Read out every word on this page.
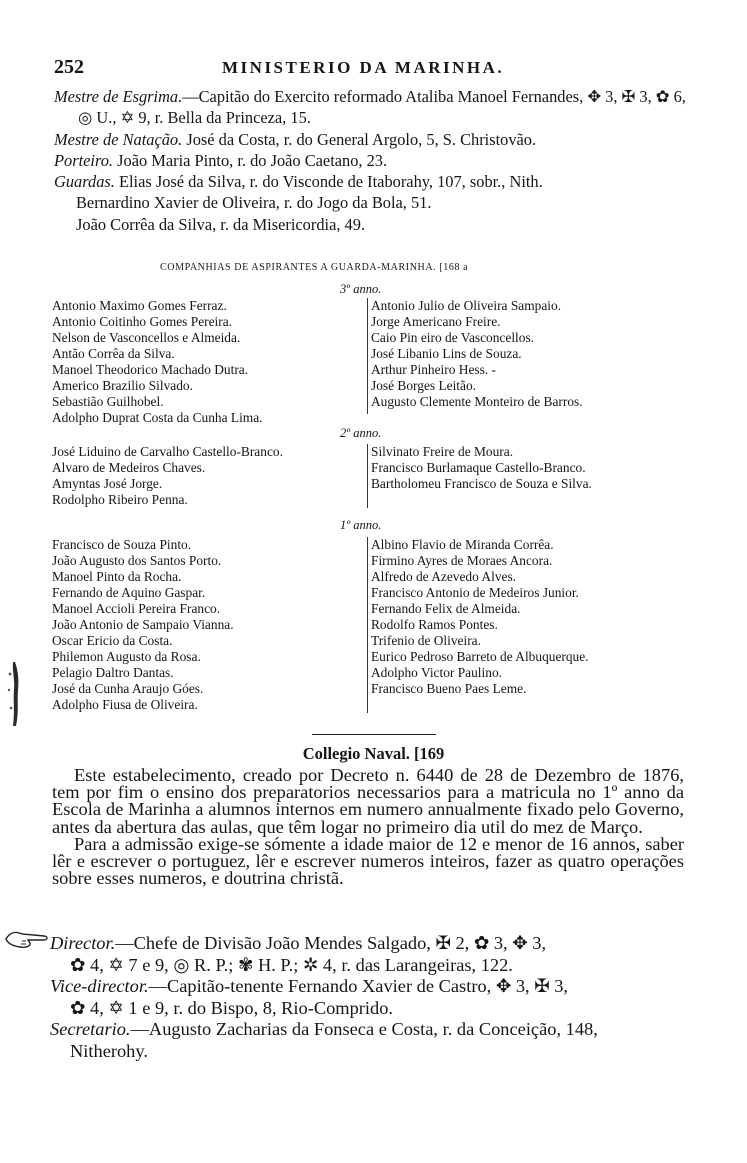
252	MINISTERIO DA MARINHA.

Mestre de Esgrima.—Capitão do Exercito reformado Ataliba Manoel Fernandes, ✥ 3, ✠ 3, ✿ 6, ◎ U., ✡ 9, r. Bella da Princeza, 15.

Mestre de Natação. José da Costa, r. do General Argolo, 5, S. Christovão.

Porteiro. João Maria Pinto, r. do João Caetano, 23.

Guardas. Elias José da Silva, r. do Visconde de Itaborahy, 107, sobr., Nith.

Bernardino Xavier de Oliveira, r. do Jogo da Bola, 51.

João Corrêa da Silva, r. da Misericordia, 49.

COMPANHIAS DE ASPIRANTES A GUARDA-MARINHA. [168 a
3º anno.

Antonio Maximo Gomes Ferraz.

Antonio Coitinho Gomes Pereira.

Nelson de Vasconcellos e Almeida.

Antão Corrêa da Silva.

Manoel Theodorico Machado Dutra.

Americo Brazilio Silvado.

Sebastião Guilhobel.

Adolpho Duprat Costa da Cunha Lima.

Antonio Julio de Oliveira Sampaio.

Jorge Americano Freire.

Caio Pin eiro de Vasconcellos.

José Libanio Lins de Souza.

Arthur Pinheiro Hess. -

José Borges Leitão.

Augusto Clemente Monteiro de Barros.

2º anno.

José Liduino de Carvalho Castello-Branco.

Alvaro de Medeiros Chaves.

Amyntas José Jorge.

Rodolpho Ribeiro Penna.

Silvinato Freire de Moura.

Francisco Burlamaque Castello-Branco.

Bartholomeu Francisco de Souza e Silva.

1º anno.

Francisco de Souza Pinto.

João Augusto dos Santos Porto.

Manoel Pinto da Rocha.

Fernando de Aquino Gaspar.

Manoel Accioli Pereira Franco.

João Antonio de Sampaio Vianna.

Oscar Ericio da Costa.

Philemon Augusto da Rosa.

Pelagio Daltro Dantas.

José da Cunha Araujo Góes.

Adolpho Fiusa de Oliveira.

Albino Flavio de Miranda Corrêa.

Firmino Ayres de Moraes Ancora.

Alfredo de Azevedo Alves.

Francisco Antonio de Medeiros Junior.

Fernando Felix de Almeida.

Rodolfo Ramos Pontes.

Trifenio de Oliveira.

Eurico Pedroso Barreto de Albuquerque.

Adolpho Victor Paulino.

Francisco Bueno Paes Leme.

Collegio Naval. [169

Este estabelecimento, creado por Decreto n. 6440 de 28 de Dezembro de 1876, tem por fim o ensino dos preparatorios necessarios para a matricula no 1º anno da Escola de Marinha a alumnos internos em numero annualmente fixado pelo Governo, antes da abertura das aulas, que têm logar no primeiro dia util do mez de Março.

Para a admissão exige-se sómente a idade maior de 12 e menor de 16 annos, saber lêr e escrever o portuguez, lêr e escrever numeros inteiros, fazer as quatro operações sobre esses numeros, e doutrina christã.

Director.—Chefe de Divisão João Mendes Salgado, ✠ 2, ✿ 3, ✥ 3,

✿ 4, ✡ 7 e 9, ◎ R. P.; ✾ H. P.; ✲ 4, r. das Larangeiras, 122.

Vice-director.—Capitão-tenente Fernando Xavier de Castro, ✥ 3, ✠ 3,

✿ 4, ✡ 1 e 9, r. do Bispo, 8, Rio-Comprido.

Secretario.—Augusto Zacharias da Fonseca e Costa, r. da Conceição, 148,

Nitherohy.
